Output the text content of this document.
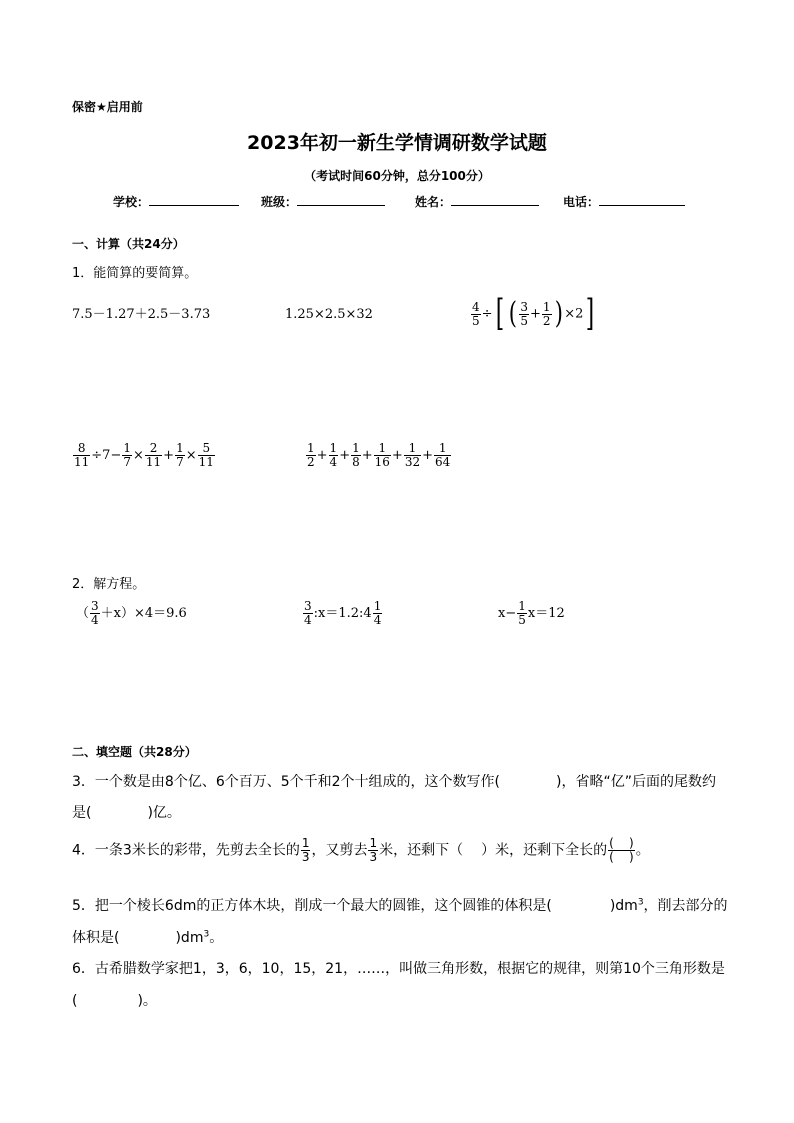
保密★启用前
2023年初一新生学情调研数学试题
（考试时间60分钟，总分100分）
学校：	班级：	姓名：	电话：
一、计算（共24分）
1．能简算的要简算。
7.5－1.27＋2.5－3.73	1.25×2.5×32	$\frac{4}{5}$ ÷[ ( $\frac{3}{5} + \frac{1}{2}$ ) ×2]
$\frac{8}{11} \div 7- \frac{1}{7} \times \frac{2}{11} + \frac{1}{7} \times \frac{5}{11}$	$\frac{1}{2} + \frac{1}{4} + \frac{1}{8} + \frac{1}{16} + \frac{1}{32} + \frac{1}{64}$
2．解方程。
（ $\frac{3}{4} +x)\times 4=9.6$	$\frac{3}{4}$ :x＝1.2:4 $\frac{1}{4}$	$x- \frac{1}{5} x=12$
二、填空题（共28分）
3．一个数是由8个亿、6个百万、5个千和2个十组成的，这个数写作(	)，省略“亿”后面的尾数约
是(	)亿。
4．一条3米长的彩带，先剪去全长的 $\frac{1}{3}$ ，又剪去 $\frac{1}{3}$ 米，还剩下（ ）米，还剩下全长的 $\frac{( )}{( )}$ 。
5．把一个棱长6dm的正方体木块，削成一个最大的圆锥，这个圆锥的体积是(	)$dm^3$，削去部分的
体积是(	)$dm^3$。
6．古希腊数学家把1，3，6，10，15，21，……，叫做三角形数，根据它的规律，则第10个三角形数是
(	)。
